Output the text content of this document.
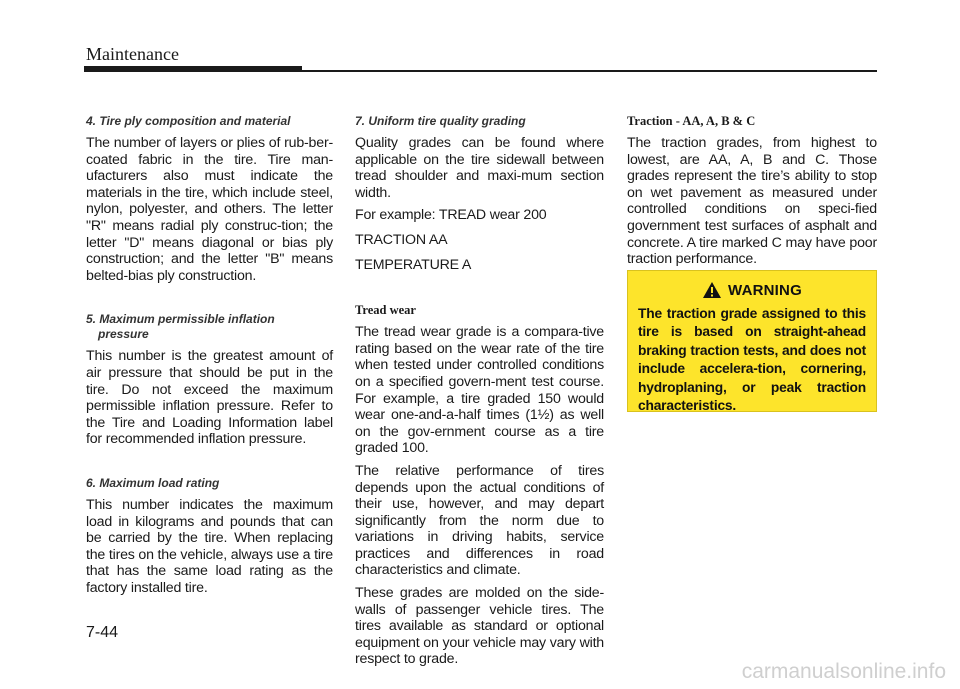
Maintenance
4. Tire ply composition and material

The number of layers or plies of rub-ber-coated fabric in the tire. Tire man-ufacturers also must indicate the materials in the tire, which include steel, nylon, polyester, and others. The letter "R" means radial ply construc-tion; the letter "D" means diagonal or bias ply construction; and the letter "B" means belted-bias ply construction.

5. Maximum permissible inflation
pressure

This number is the greatest amount of air pressure that should be put in the tire. Do not exceed the maximum permissible inflation pressure. Refer to the Tire and Loading Information label for recommended inflation pressure.

6. Maximum load rating

This number indicates the maximum load in kilograms and pounds that can be carried by the tire. When replacing the tires on the vehicle, always use a tire that has the same load rating as the factory installed tire.

7. Uniform tire quality grading

Quality grades can be found where applicable on the tire sidewall between tread shoulder and maxi-mum section width.

For example: TREAD wear 200

TRACTION AA

TEMPERATURE A

Tread wear

The tread wear grade is a compara-tive rating based on the wear rate of the tire when tested under controlled conditions on a specified govern-ment test course. For example, a tire graded 150 would wear one-and-a-half times (1½) as well on the gov-ernment course as a tire graded 100.

The relative performance of tires depends upon the actual conditions of their use, however, and may depart significantly from the norm due to variations in driving habits, service practices and differences in road characteristics and climate.

These grades are molded on the side-walls of passenger vehicle tires. The tires available as standard or optional equipment on your vehicle may vary with respect to grade.

Traction - AA, A, B & C

The traction grades, from highest to lowest, are AA, A, B and C. Those grades represent the tire’s ability to stop on wet pavement as measured under controlled conditions on speci-fied government test surfaces of asphalt and concrete. A tire marked C may have poor traction performance.

WARNING

The traction grade assigned to this tire is based on straight-ahead braking traction tests, and does not include accelera-tion, cornering, hydroplaning, or peak traction characteristics.

7-44
carmanualsonline.info
